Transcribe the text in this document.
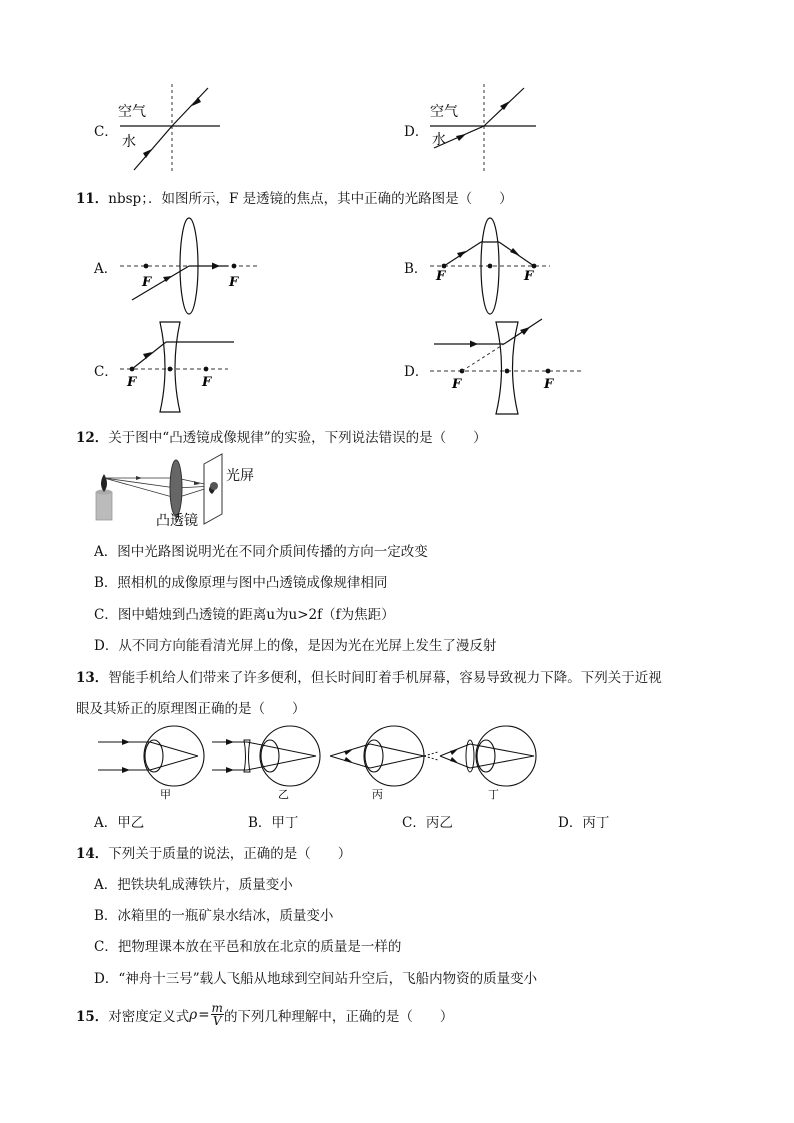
C．
空气
水
D．
空气
水
11．nbsp；．如图所示，F 是透镜的焦点，其中正确的光路图是（　　）
A．
F	F
B． F	F
C．
F	F
D．
F	F
12．关于图中“凸透镜成像规律”的实验，下列说法错误的是（　　）
光屏
凸透镜
A．图中光路图说明光在不同介质间传播的方向一定改变
B．照相机的成像原理与图中凸透镜成像规律相同
C．图中蜡烛到凸透镜的距离u为u>2f（f为焦距）
D．从不同方向能看清光屏上的像，是因为光在光屏上发生了漫反射
13．智能手机给人们带来了许多便利，但长时间盯着手机屏幕，容易导致视力下降。下列关于近视
眼及其矫正的原理图正确的是（　　）
甲	乙	丙	丁
A．甲乙	B．甲丁	C．丙乙	D．丙丁
14．下列关于质量的说法，正确的是（　　）
A．把铁块轧成薄铁片，质量变小
B．冰箱里的一瓶矿泉水结冰，质量变小
C．把物理课本放在平邑和放在北京的质量是一样的
D．“神舟十三号”载人飞船从地球到空间站升空后，飞船内物资的质量变小
15． 对密度定义式 $\rho = \frac{m}{V}$ 的下列几种理解中，正确的是（　　）
